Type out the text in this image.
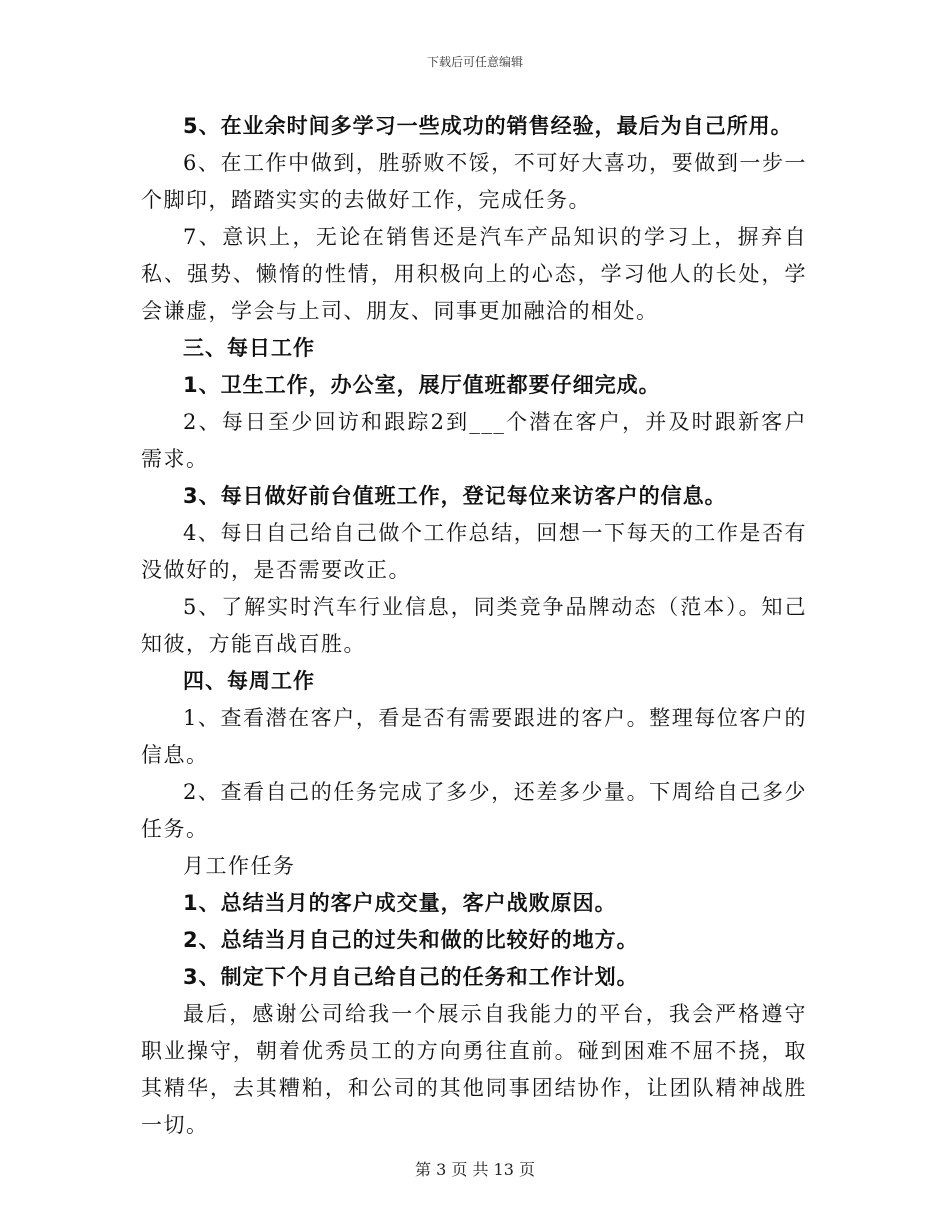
下载后可任意编辑

5、在业余时间多学习一些成功的销售经验，最后为自己所用。

6、在工作中做到，胜骄败不馁，不可好大喜功，要做到一步一个脚印，踏踏实实的去做好工作，完成任务。

7、意识上，无论在销售还是汽车产品知识的学习上，摒弃自私、强势、懒惰的性情，用积极向上的心态，学习他人的长处，学会谦虚，学会与上司、朋友、同事更加融洽的相处。

三、每日工作

1、卫生工作，办公室，展厅值班都要仔细完成。

2、每日至少回访和跟踪2到___个潜在客户，并及时跟新客户需求。

3、每日做好前台值班工作，登记每位来访客户的信息。

4、每日自己给自己做个工作总结，回想一下每天的工作是否有没做好的，是否需要改正。

5、了解实时汽车行业信息，同类竞争品牌动态（范本）。知己知彼，方能百战百胜。

四、每周工作

1、查看潜在客户，看是否有需要跟进的客户。整理每位客户的信息。

2、查看自己的任务完成了多少，还差多少量。下周给自己多少任务。

月工作任务

1、总结当月的客户成交量，客户战败原因。

2、总结当月自己的过失和做的比较好的地方。

3、制定下个月自己给自己的任务和工作计划。

最后，感谢公司给我一个展示自我能力的平台，我会严格遵守职业操守，朝着优秀员工的方向勇往直前。碰到困难不屈不挠，取其精华，去其糟粕，和公司的其他同事团结协作，让团队精神战胜一切。

第 3 页 共 13 页
